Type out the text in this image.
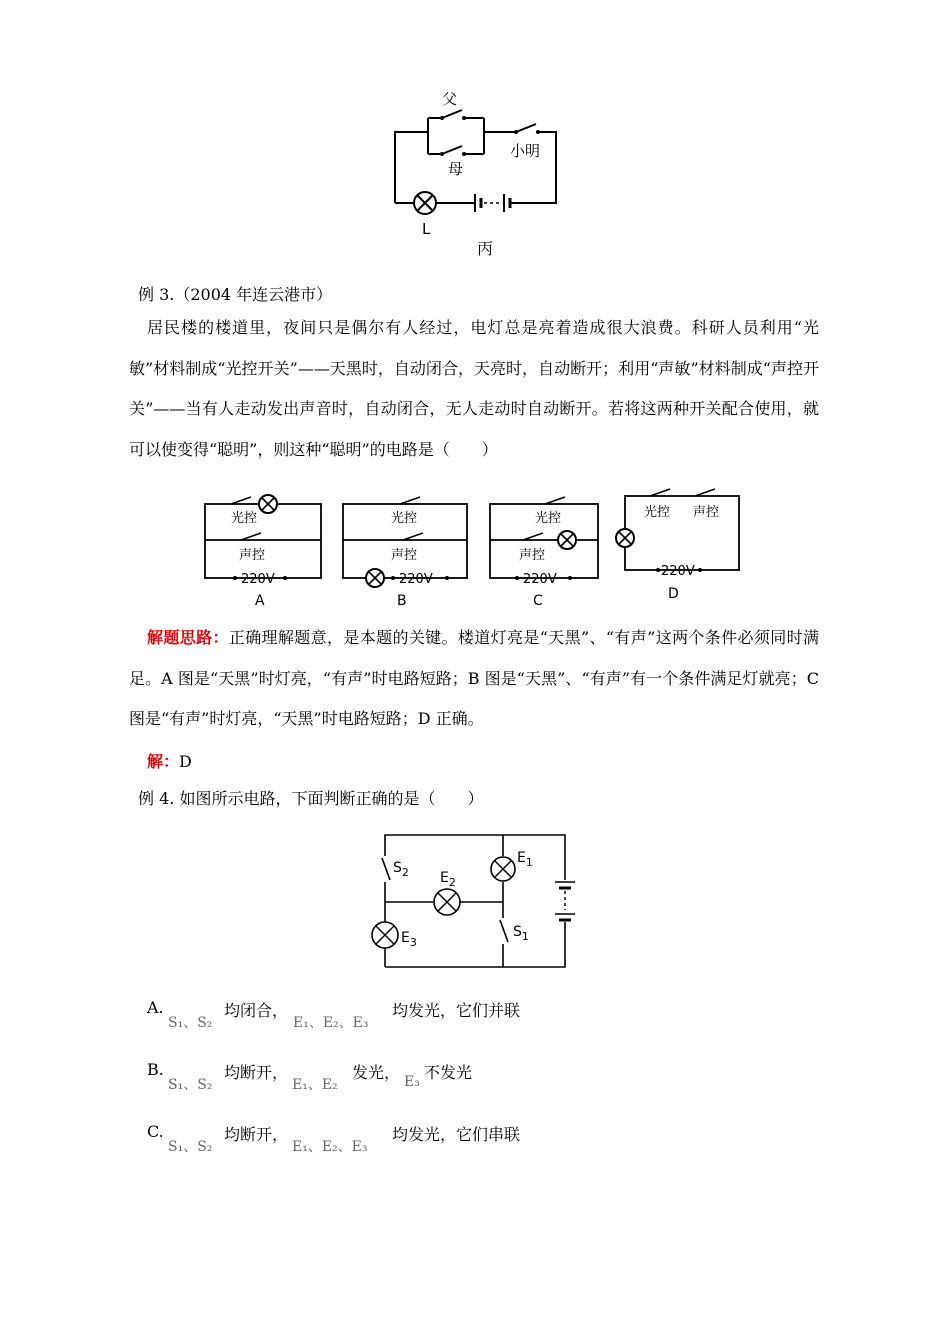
父
母
小明
L
丙
例 3.（2004 年连云港市）
居民楼的楼道里，夜间只是偶尔有人经过，电灯总是亮着造成很大浪费。科研人员利用“光敏”材料制成“光控开关”——天黑时，自动闭合，天亮时，自动断开；利用“声敏”材料制成“声控开关”——当有人走动发出声音时，自动闭合，无人走动时自动断开。若将这两种开关配合使用，就可以使变得“聪明”，则这种“聪明”的电路是（　　）
光控
声控
220V
A
光控
声控
220V
B
光控
声控
220V
C
光控 声控
220V
D
解题思路：正确理解题意，是本题的关键。楼道灯亮是“天黑”、“有声”这两个条件必须同时满足。A 图是“天黑”时灯亮，“有声”时电路短路；B 图是“天黑”、“有声”有一个条件满足灯就亮；C 图是“有声”时灯亮，“天黑”时电路短路；D 正确。
解：D
例 4. 如图所示电路，下面判断正确的是（　　）
$S_2$
$E_1$
$E_2$
$E_3$
$S_1$
A.
S₁、S₂
均闭合，
E₁、E₂、E₃
均发光，它们并联
B.
S₁、S₂
均断开，
E₁、E₂
发光， E₃ 不发光
C.
S₁、S₂
均断开，
E₁、E₂、E₃
均发光，它们串联
